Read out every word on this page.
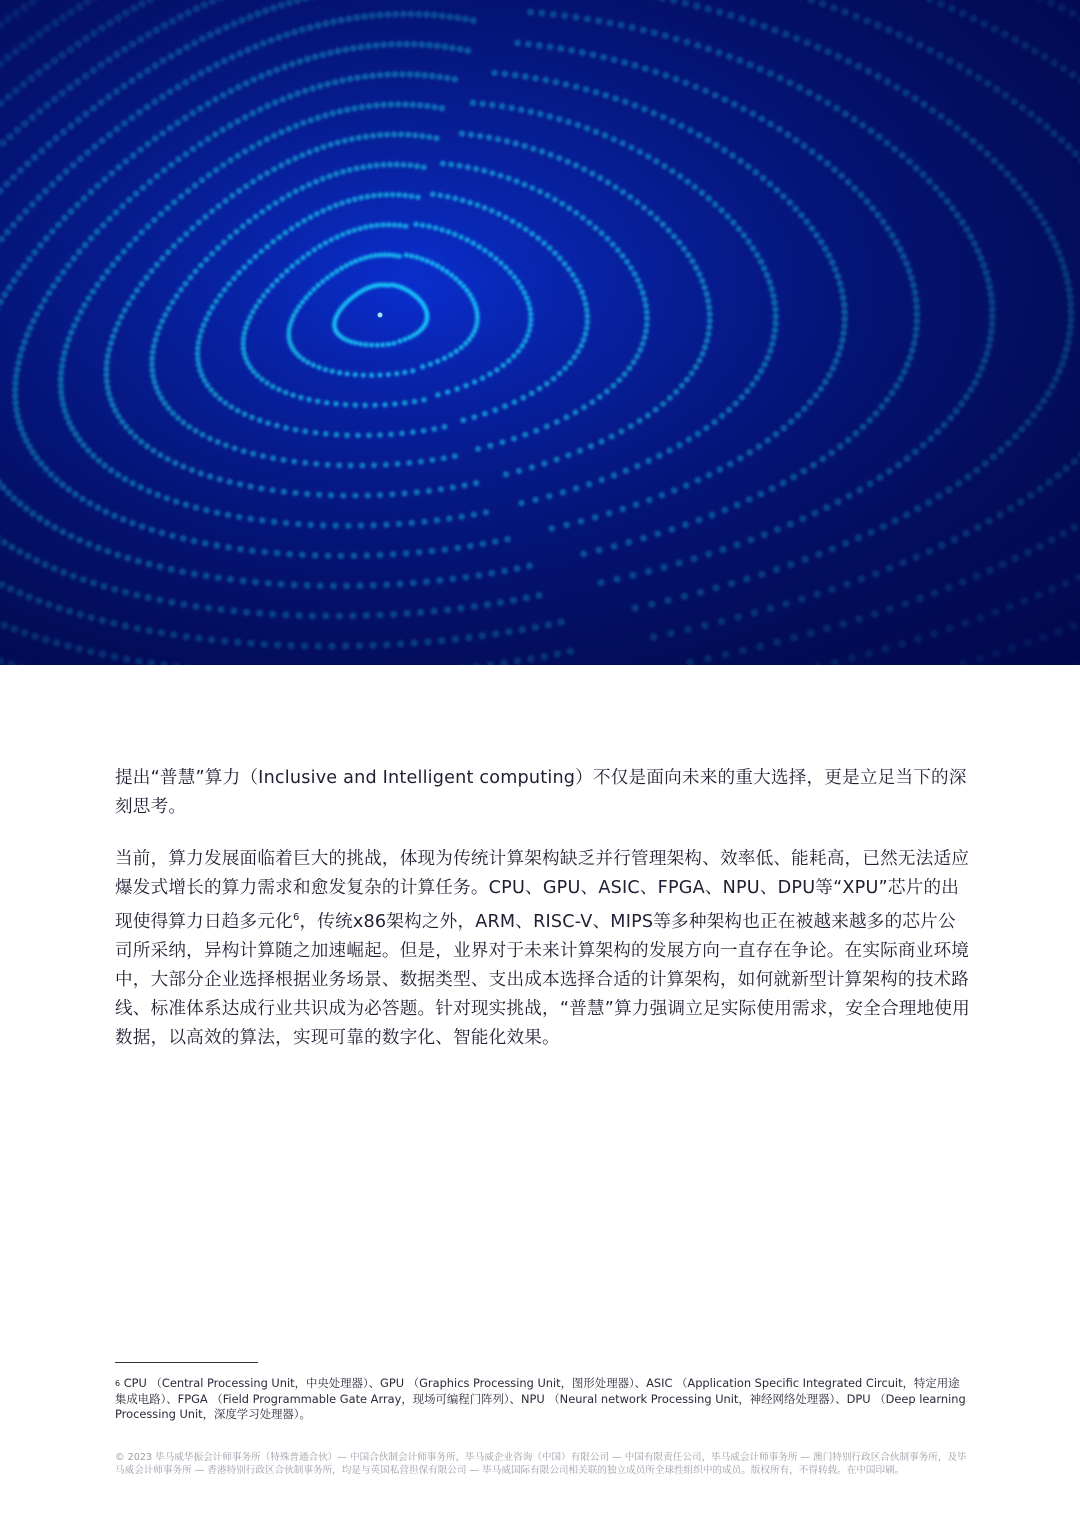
提出“普慧”算力（Inclusive and Intelligent computing）不仅是面向未来的重大选择，更是立足当下的深刻思考。

当前，算力发展面临着巨大的挑战，体现为传统计算架构缺乏并行管理架构、效率低、能耗高，已然无法适应爆发式增长的算力需求和愈发复杂的计算任务。CPU、GPU、ASIC、FPGA、NPU、DPU等“XPU”芯片的出现使得算力日趋多元化$^6$，传统x86架构之外，ARM、RISC-V、MIPS等多种架构也正在被越来越多的芯片公司所采纳，异构计算随之加速崛起。但是，业界对于未来计算架构的发展方向一直存在争论。在实际商业环境中，大部分企业选择根据业务场景、数据类型、支出成本选择合适的计算架构，如何就新型计算架构的技术路线、标准体系达成行业共识成为必答题。针对现实挑战，“普慧”算力强调立足实际使用需求，安全合理地使用数据，以高效的算法，实现可靠的数字化、智能化效果。

$^6$ CPU （Central Processing Unit，中央处理器）、GPU （Graphics Processing Unit，图形处理器）、ASIC （Application Specific Integrated Circuit，特定用途集成电路）、FPGA （Field Programmable Gate Array，现场可编程门阵列）、NPU （Neural network Processing Unit，神经网络处理器）、DPU （Deep learning Processing Unit，深度学习处理器）。

© 2023 毕马威华振会计师事务所（特殊普通合伙）— 中国合伙制会计师事务所，毕马威企业咨询（中国）有限公司 — 中国有限责任公司，毕马威会计师事务所 — 澳门特别行政区合伙制事务所，及毕马威会计师事务所 — 香港特别行政区合伙制事务所，均是与英国私营担保有限公司 — 毕马威国际有限公司相关联的独立成员所全球性组织中的成员。版权所有，不得转载。在中国印刷。
